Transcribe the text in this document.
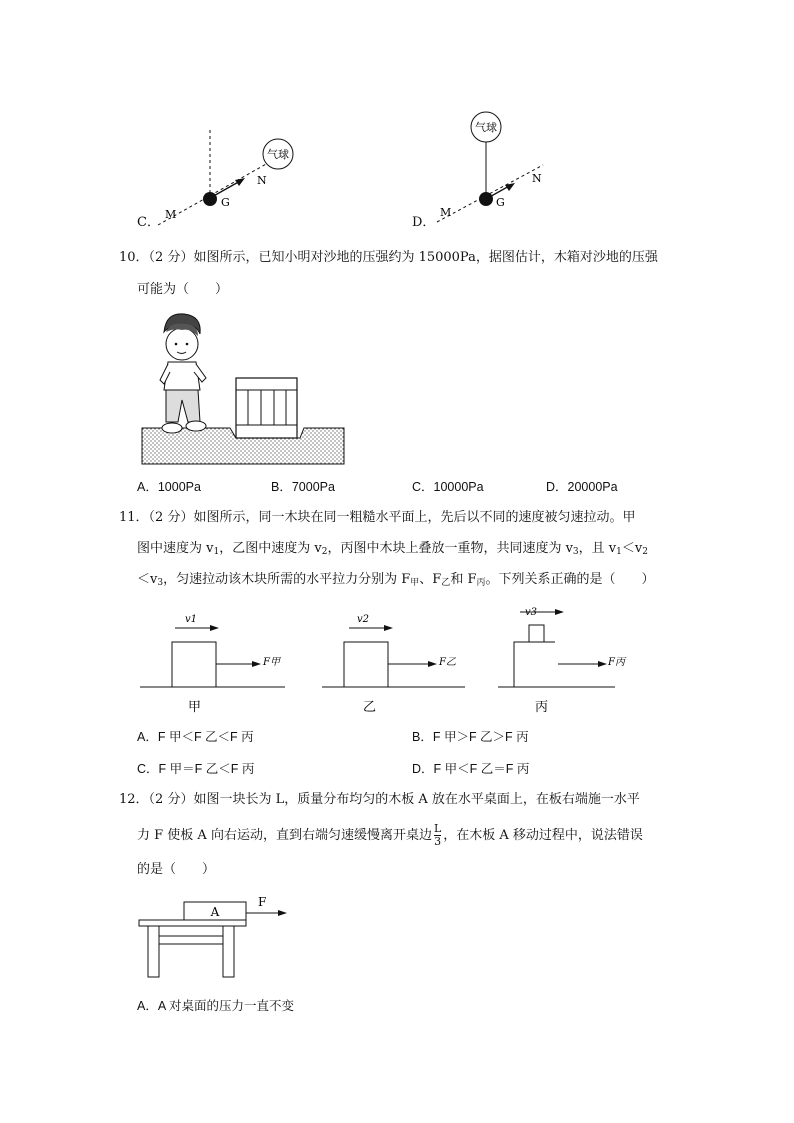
C．
气球
G
M
N
D．
气球
G
M
N
10．（2 分）如图所示，已知小明对沙地的压强约为 15000Pa，据图估计，木箱对沙地的压强
可能为（　　）
A．1000Pa	B．7000Pa	C．10000Pa	D．20000Pa
11．（2 分）如图所示，同一木块在同一粗糙水平面上，先后以不同的速度被匀速拉动。甲
图中速度为 $v_1$，乙图中速度为 $v_2$，丙图中木块上叠放一重物，共同速度为 $v_3$，且 $v_1<v_2$
$<v_3$，匀速拉动该木块所需的水平拉力分别为 $F_甲$、$F_乙$和 $F_丙$。下列关系正确的是（　　）
F甲
v1
甲
F乙
v2
乙
v3
丙
F丙
A．F 甲＜F 乙＜F 丙	B．F 甲＞F 乙＞F 丙
C．F 甲＝F 乙＜F 丙	D．F 甲＜F 乙＝F 丙
12．（2 分）如图一块长为 L，质量分布均匀的木板 A 放在水平桌面上，在板右端施一水平
力 F 使板 A 向右运动，直到右端匀速缓慢离开桌边 $\frac{L}{3}$ ，在木板 A 移动过程中，说法错误
的是（　　）
A
F
A．A 对桌面的压力一直不变
